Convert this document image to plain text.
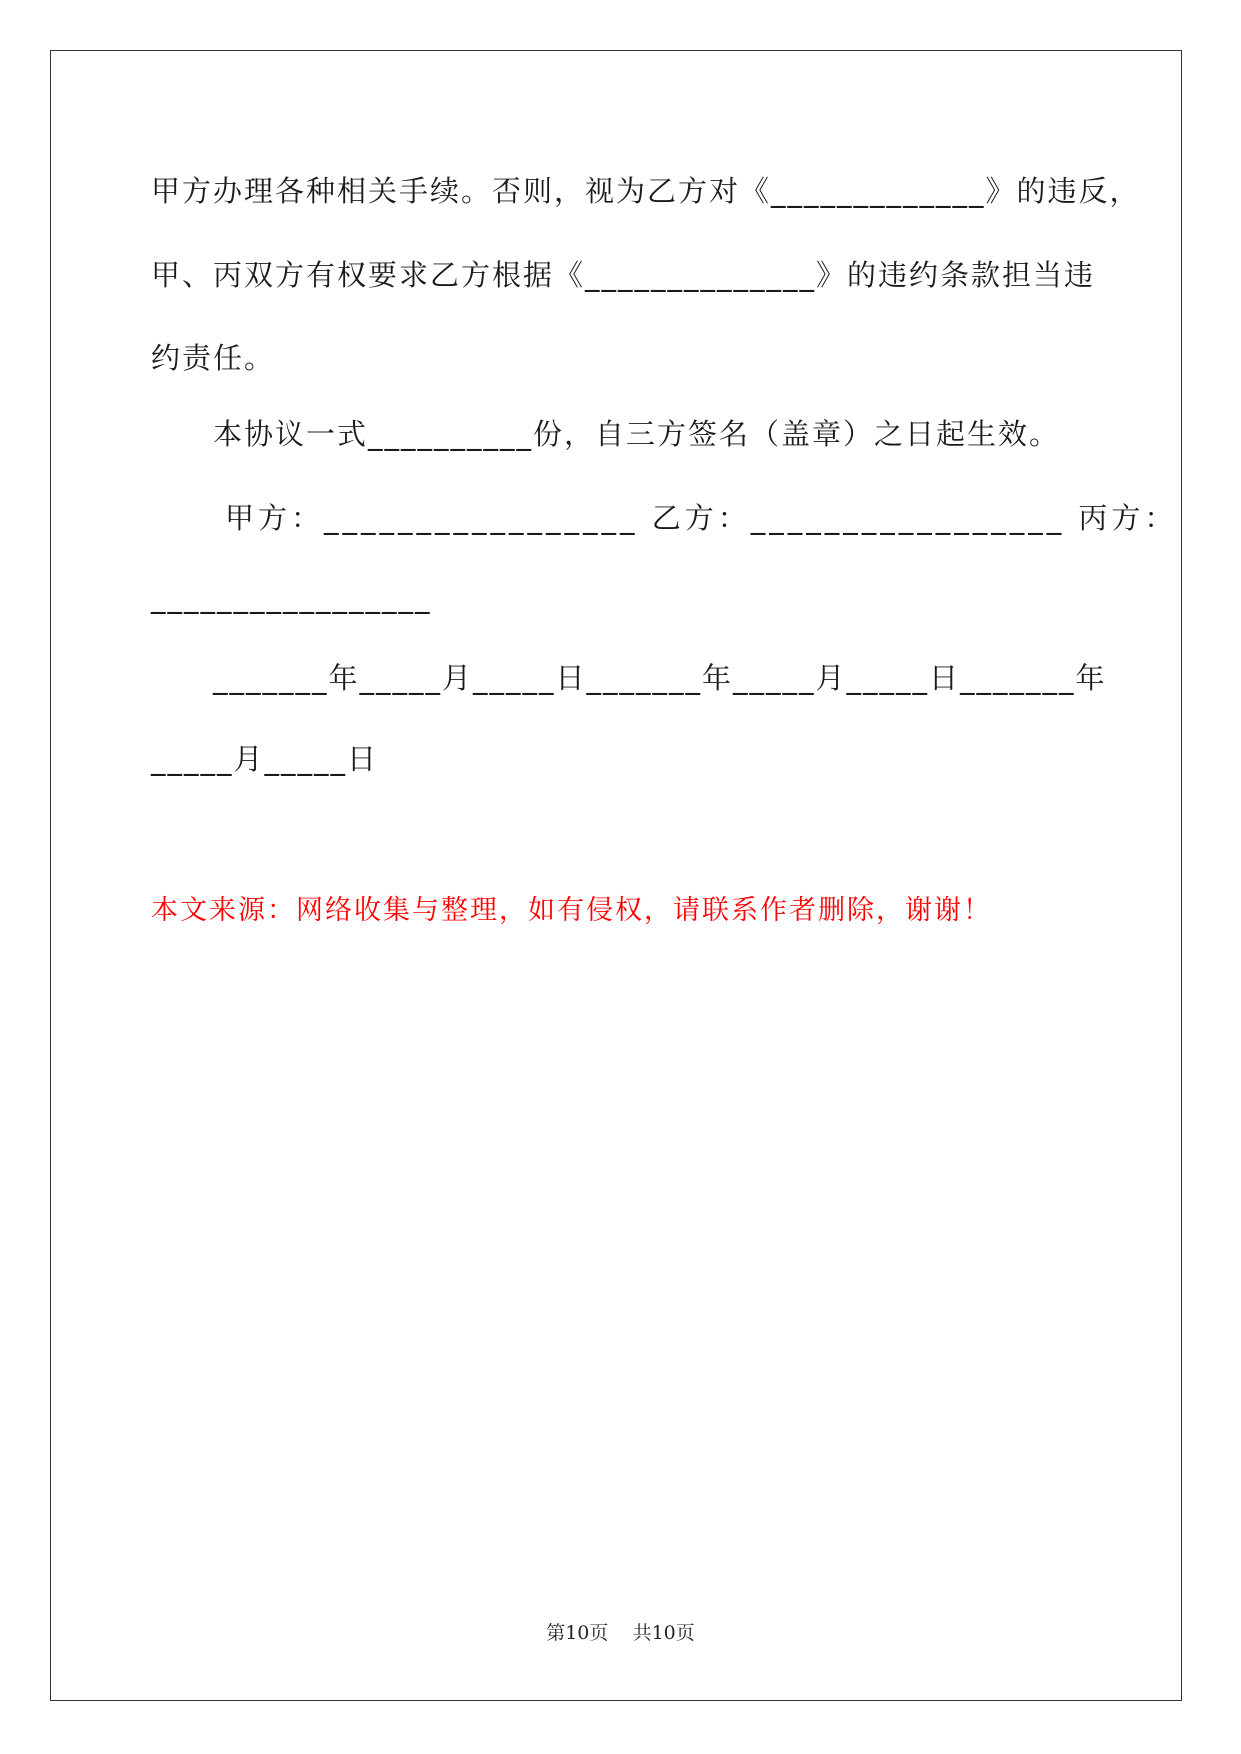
甲方办理各种相关手续。否则，视为乙方对《_____________》的违反，
甲、丙双方有权要求乙方根据《______________》的违约条款担当违
约责任。
本协议一式__________份，自三方签名（盖章）之日起生效。
甲方：_________________ 乙方：_________________ 丙方：
_________________
_______年_____月_____日_______年_____月_____日_______年
_____月_____日
本文来源：网络收集与整理，如有侵权，请联系作者删除，谢谢！
第10页 共10页
